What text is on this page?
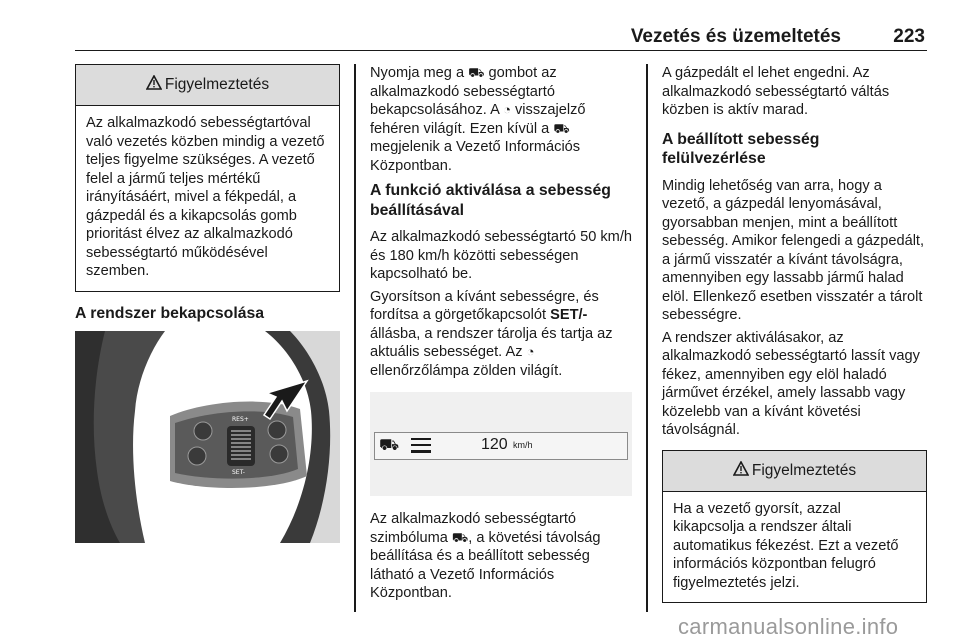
Vezetés és üzemeltetés	223
Figyelmeztetés

Az alkalmazkodó sebességtartóval való vezetés közben mindig a vezető teljes figyelme szükséges. A vezető felel a jármű teljes mértékű irányításáért, mivel a fékpedál, a gázpedál és a kikapcsolás gomb prioritást élvez az alkalmazkodó sebességtartó működésével szemben.

A rendszer bekapcsolása
RES+
SET-

Nyomja meg a ⛟ gombot az alkalmazkodó sebességtartó bekapcsolásához. A ◔ visszajelző fehéren világít. Ezen kívül a ⛟ megjelenik a Vezető Információs Központban.

A funkció aktiválása a sebesség beállításával

Az alkalmazkodó sebességtartó 50 km/h és 180 km/h közötti sebességen kapcsolható be.

Gyorsítson a kívánt sebességre, és fordítsa a görgetőkapcsolót SET/- állásba, a rendszer tárolja és tartja az aktuális sebességet. Az ◔ ellenőrzőlámpa zölden világít.

⛟	120 km/h

Az alkalmazkodó sebességtartó szimbóluma ⛟, a követési távolság beállítása és a beállított sebesség látható a Vezető Információs Központban.

A gázpedált el lehet engedni. Az alkalmazkodó sebességtartó váltás közben is aktív marad.

A beállított sebesség felülvezérlése

Mindig lehetőség van arra, hogy a vezető, a gázpedál lenyomásával, gyorsabban menjen, mint a beállított sebesség. Amikor felengedi a gázpedált, a jármű visszatér a kívánt távolságra, amennyiben egy lassabb jármű halad elöl. Ellenkező esetben visszatér a tárolt sebességre.

A rendszer aktiválásakor, az alkalmazkodó sebességtartó lassít vagy fékez, amennyiben egy elöl haladó járművet érzékel, amely lassabb vagy közelebb van a kívánt követési távolságnál.

Figyelmeztetés

Ha a vezető gyorsít, azzal kikapcsolja a rendszer általi automatikus fékezést. Ezt a vezető információs központban felugró figyelmeztetés jelzi.

carmanualsonline.info
